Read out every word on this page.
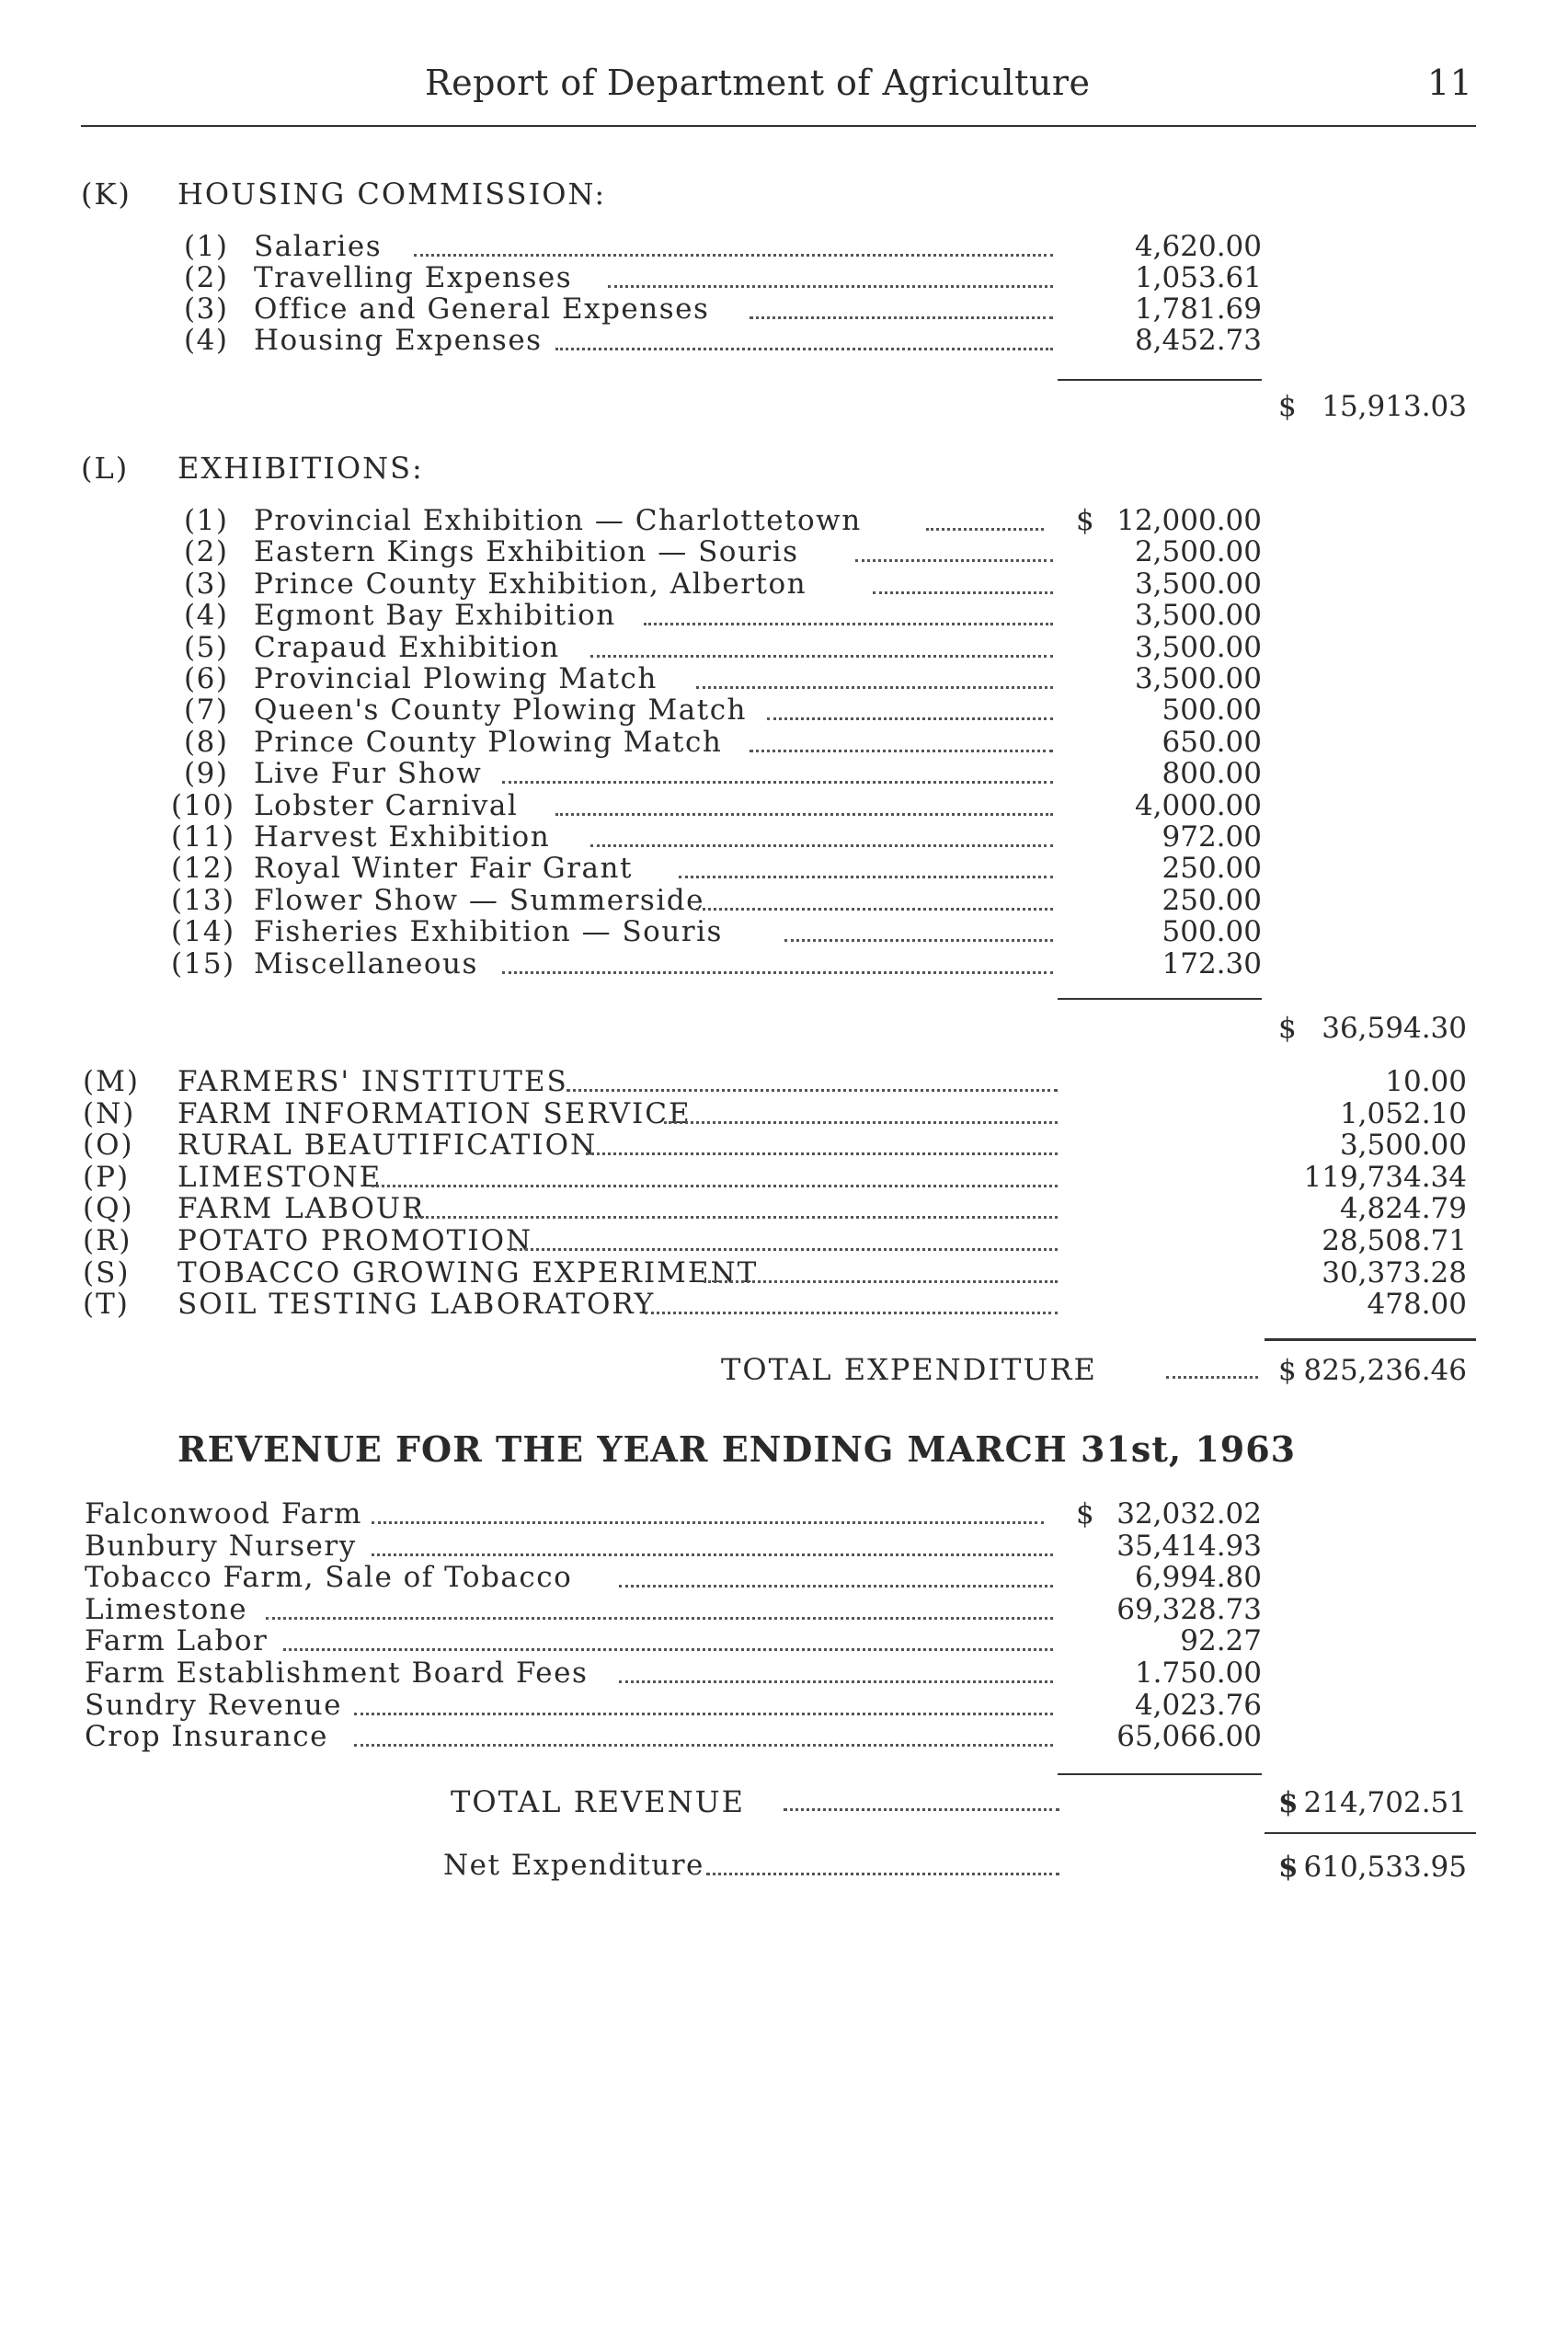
Report of Department of Agriculture	11
(K) HOUSING COMMISSION:
(1) Salaries	4,620.00
(2) Travelling Expenses	1,053.61
(3) Office and General Expenses	1,781.69
(4) Housing Expenses	8,452.73
$ 15,913.03
(L) EXHIBITIONS:
$
(1) Provincial Exhibition — Charlottetown	12,000.00
(2) Eastern Kings Exhibition — Souris	2,500.00
(3) Prince County Exhibition, Alberton	3,500.00
(4) Egmont Bay Exhibition	3,500.00
(5) Crapaud Exhibition	3,500.00
(6) Provincial Plowing Match	3,500.00
(7) Queen's County Plowing Match	500.00
(8) Prince County Plowing Match	650.00
(9) Live Fur Show	800.00
(10) Lobster Carnival	4,000.00
(11) Harvest Exhibition	972.00
(12) Royal Winter Fair Grant	250.00
(13) Flower Show — Summerside	250.00
(14) Fisheries Exhibition — Souris	500.00
(15) Miscellaneous	172.30
$ 36,594.30
(M) FARMERS' INSTITUTES	10.00
(N) FARM INFORMATION SERVICE	1,052.10
(O) RURAL BEAUTIFICATION	3,500.00
(P) LIMESTONE	119,734.34
(Q) FARM LABOUR	4,824.79
(R) POTATO PROMOTION	28,508.71
(S) TOBACCO GROWING EXPERIMENT	30,373.28
(T) SOIL TESTING LABORATORY	478.00
TOTAL EXPENDITURE	$ 825,236.46
REVENUE FOR THE YEAR ENDING MARCH 31st, 1963
$
Falconwood Farm	32,032.02
Bunbury Nursery	35,414.93
Tobacco Farm, Sale of Tobacco	6,994.80
Limestone	69,328.73
Farm Labor	92.27
Farm Establishment Board Fees	1.750.00
Sundry Revenue	4,023.76
Crop Insurance	65,066.00
TOTAL REVENUE	$ 214,702.51
Net Expenditure	$ 610,533.95
